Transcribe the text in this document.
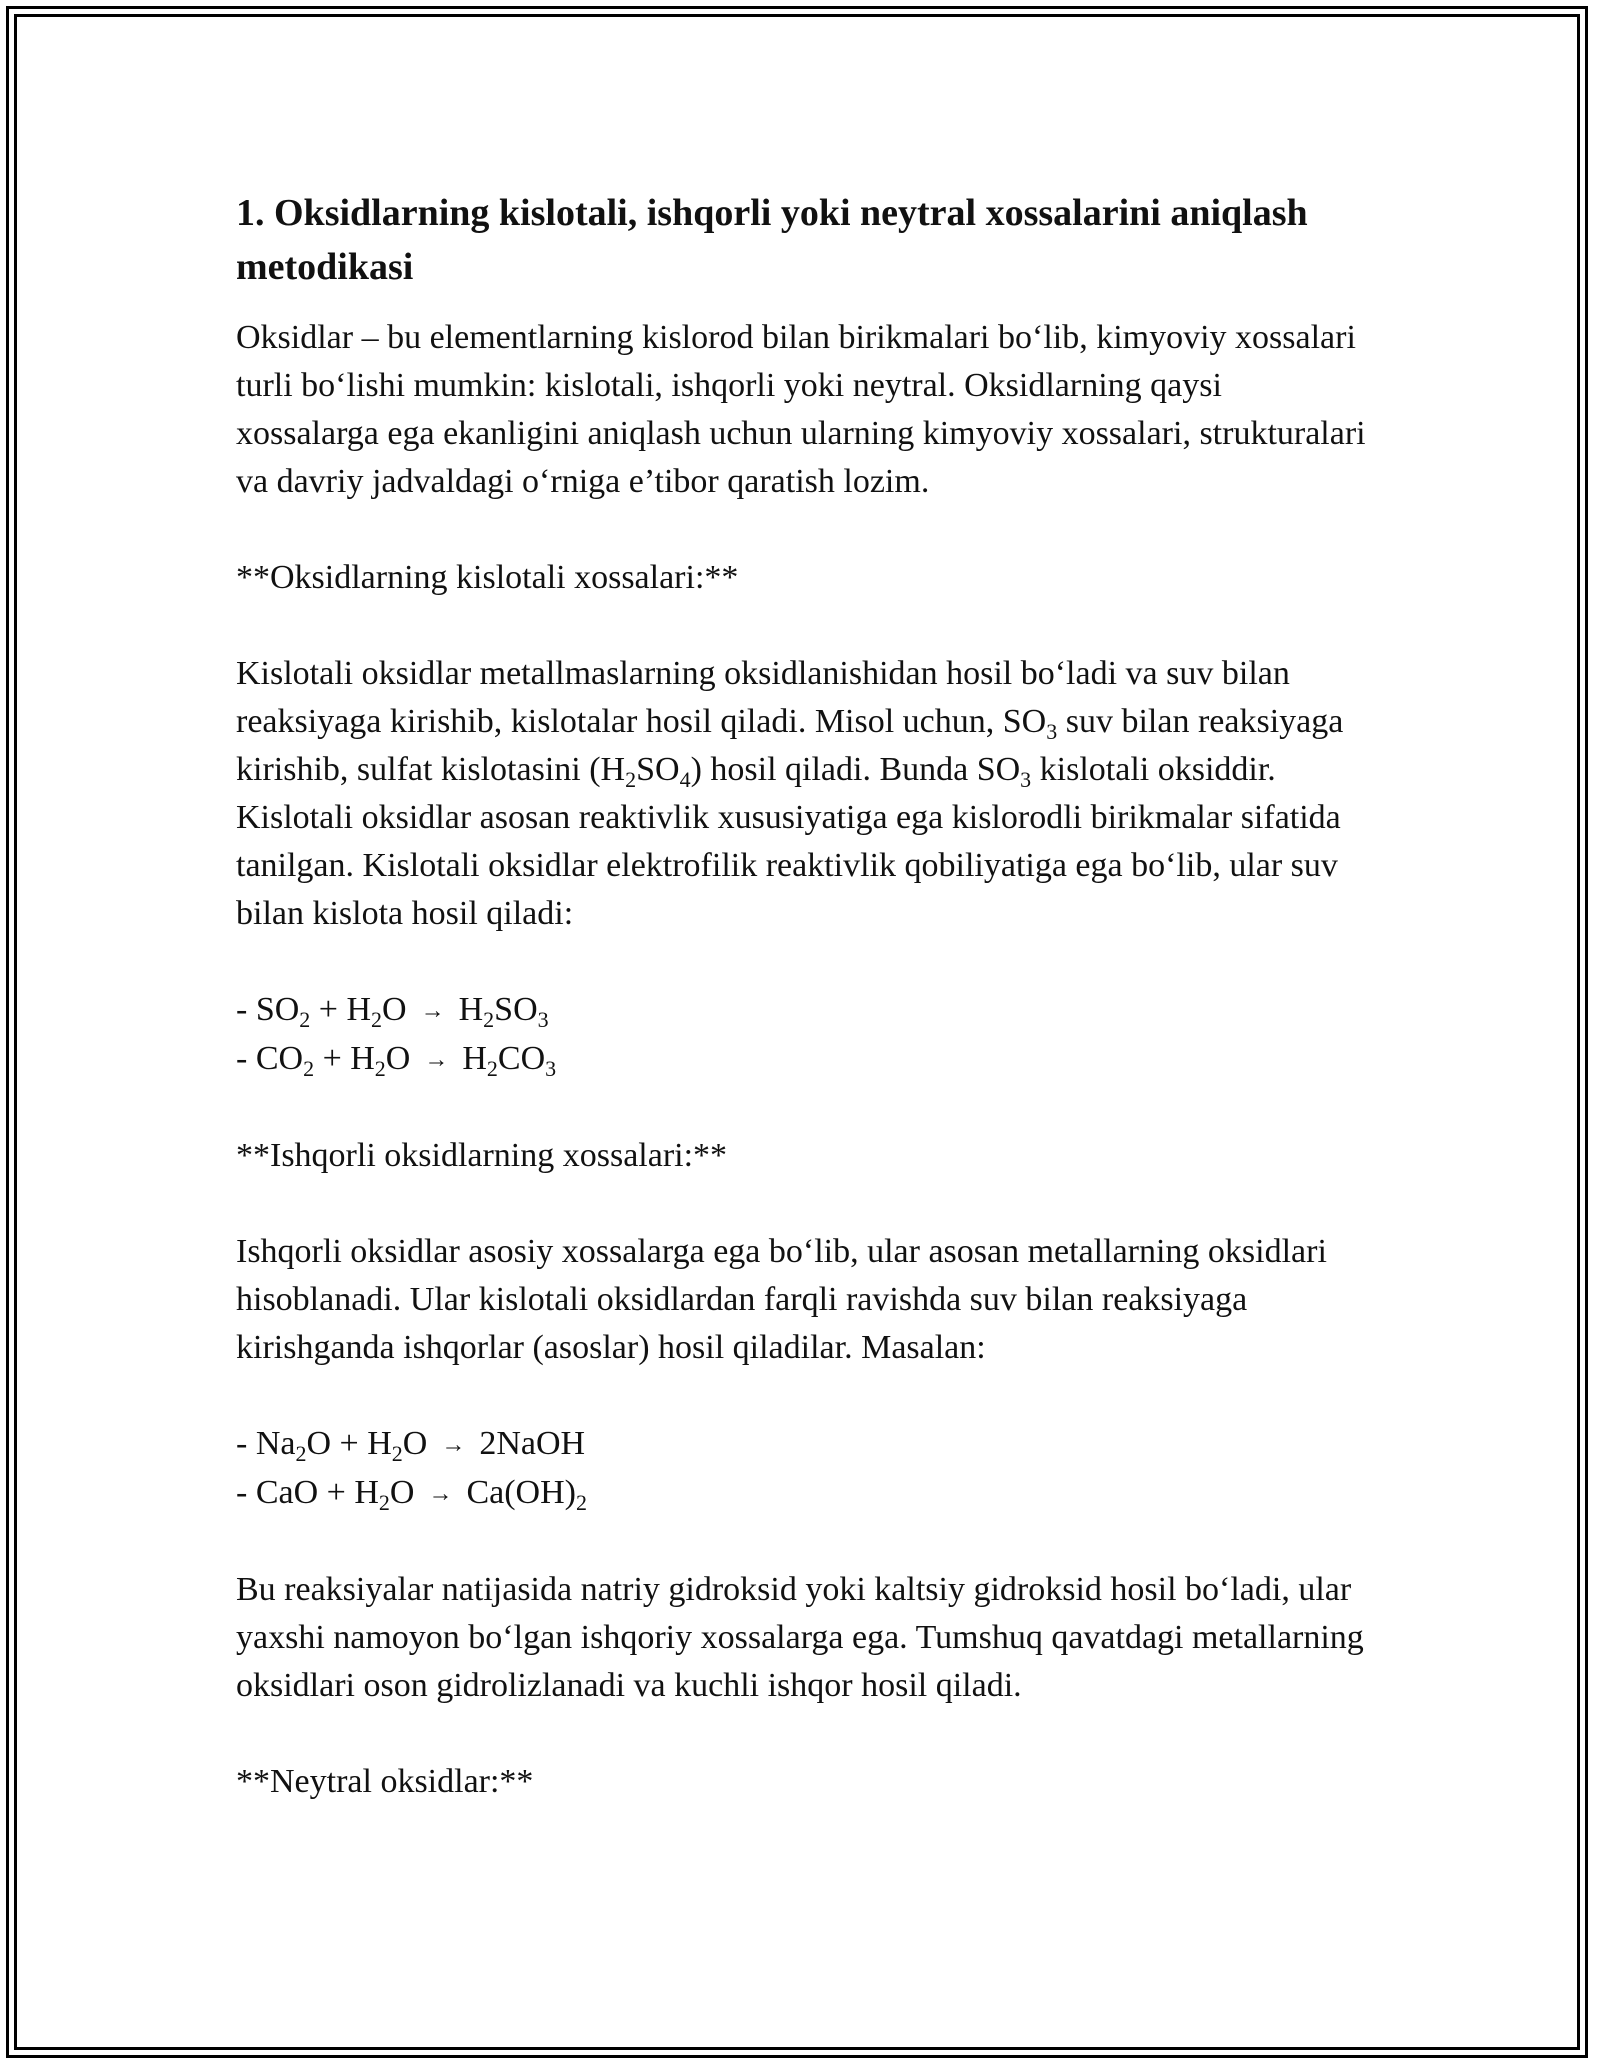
1. Oksidlarning kislotali, ishqorli yoki neytral xossalarini aniqlash metodikasi

Oksidlar – bu elementlarning kislorod bilan birikmalari bo‘lib, kimyoviy xossalari turli bo‘lishi mumkin: kislotali, ishqorli yoki neytral. Oksidlarning qaysi xossalarga ega ekanligini aniqlash uchun ularning kimyoviy xossalari, strukturalari va davriy jadvaldagi o‘rniga e’tibor qaratish lozim.

**Oksidlarning kislotali xossalari:**

Kislotali oksidlar metallmaslarning oksidlanishidan hosil bo‘ladi va suv bilan reaksiyaga kirishib, kislotalar hosil qiladi. Misol uchun, $SO_3$ suv bilan reaksiyaga kirishib, sulfat kislotasini $(H_2SO_4)$ hosil qiladi. Bunda $SO_3$ kislotali oksiddir. Kislotali oksidlar asosan reaktivlik xususiyatiga ega kislorodli birikmalar sifatida tanilgan. Kislotali oksidlar elektrofilik reaktivlik qobiliyatiga ega bo‘lib, ular suv bilan kislota hosil qiladi:

- $SO_2 + H_2O \to H_2SO_3$

- $CO_2 + H_2O \to H_2CO_3$

**Ishqorli oksidlarning xossalari:**

Ishqorli oksidlar asosiy xossalarga ega bo‘lib, ular asosan metallarning oksidlari hisoblanadi. Ular kislotali oksidlardan farqli ravishda suv bilan reaksiyaga kirishganda ishqorlar (asoslar) hosil qiladilar. Masalan:

- $Na_2O + H_2O$ → 2NaOH

- CaO + $H_2O \to Ca(OH)_2$

Bu reaksiyalar natijasida natriy gidroksid yoki kaltsiy gidroksid hosil bo‘ladi, ular yaxshi namoyon bo‘lgan ishqoriy xossalarga ega. Tumshuq qavatdagi metallarning oksidlari oson gidrolizlanadi va kuchli ishqor hosil qiladi.

**Neytral oksidlar:**
